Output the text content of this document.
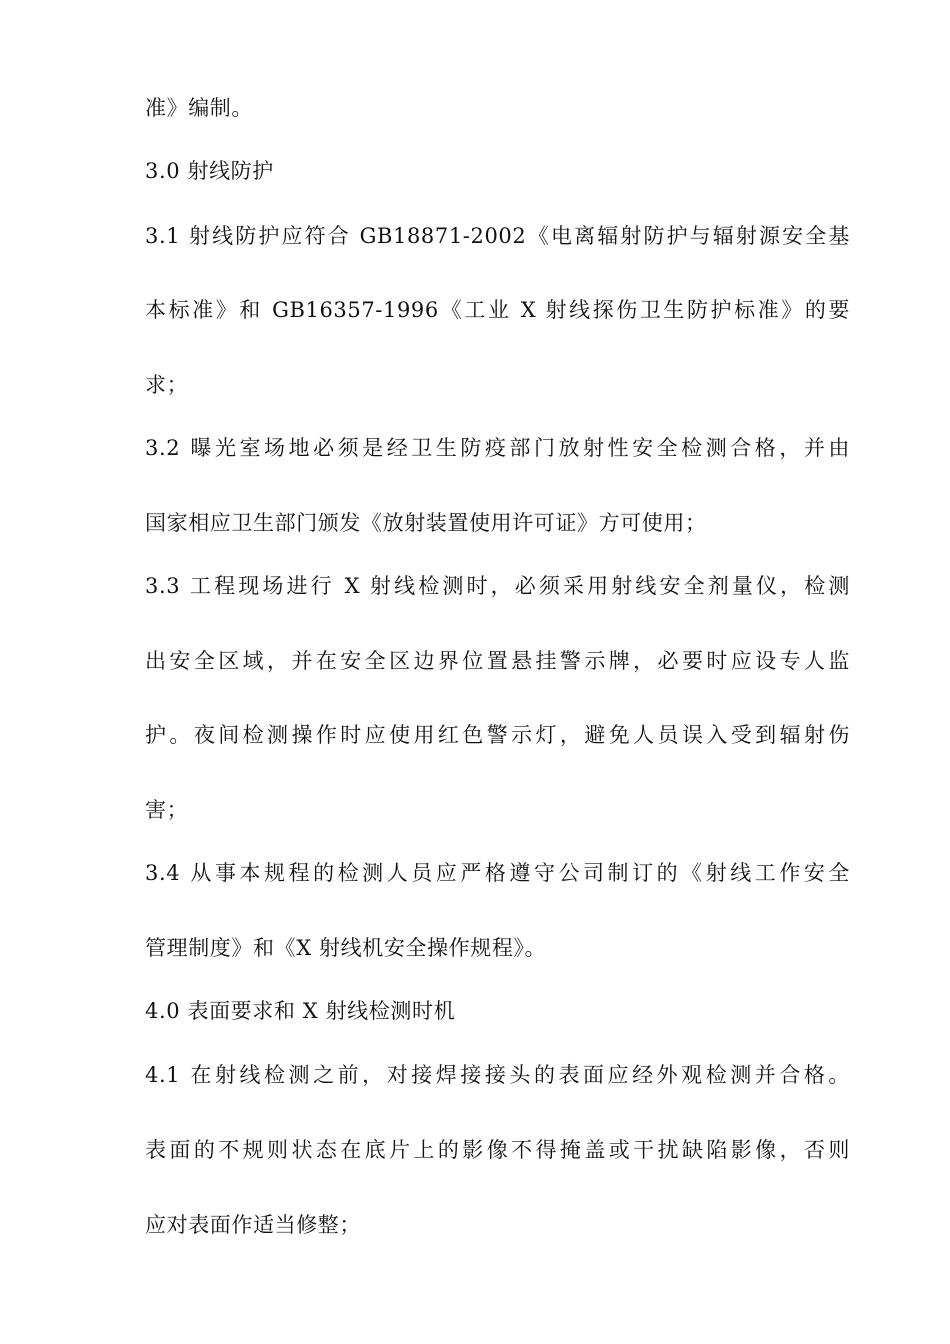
准》编制。
3.0 射线防护
3.1 射线防护应符合 GB18871-2002《电离辐射防护与辐射源安全基
本标准》和 GB16357-1996《工业 X 射线探伤卫生防护标准》的要
求；
3.2 曝光室场地必须是经卫生防疫部门放射性安全检测合格，并由
国家相应卫生部门颁发《放射装置使用许可证》方可使用；
3.3 工程现场进行 X 射线检测时，必须采用射线安全剂量仪，检测
出安全区域，并在安全区边界位置悬挂警示牌，必要时应设专人监
护。夜间检测操作时应使用红色警示灯，避免人员误入受到辐射伤
害；
3.4 从事本规程的检测人员应严格遵守公司制订的《射线工作安全
管理制度》和《X 射线机安全操作规程》。
4.0 表面要求和 X 射线检测时机
4.1 在射线检测之前，对接焊接接头的表面应经外观检测并合格。
表面的不规则状态在底片上的影像不得掩盖或干扰缺陷影像，否则
应对表面作适当修整；
